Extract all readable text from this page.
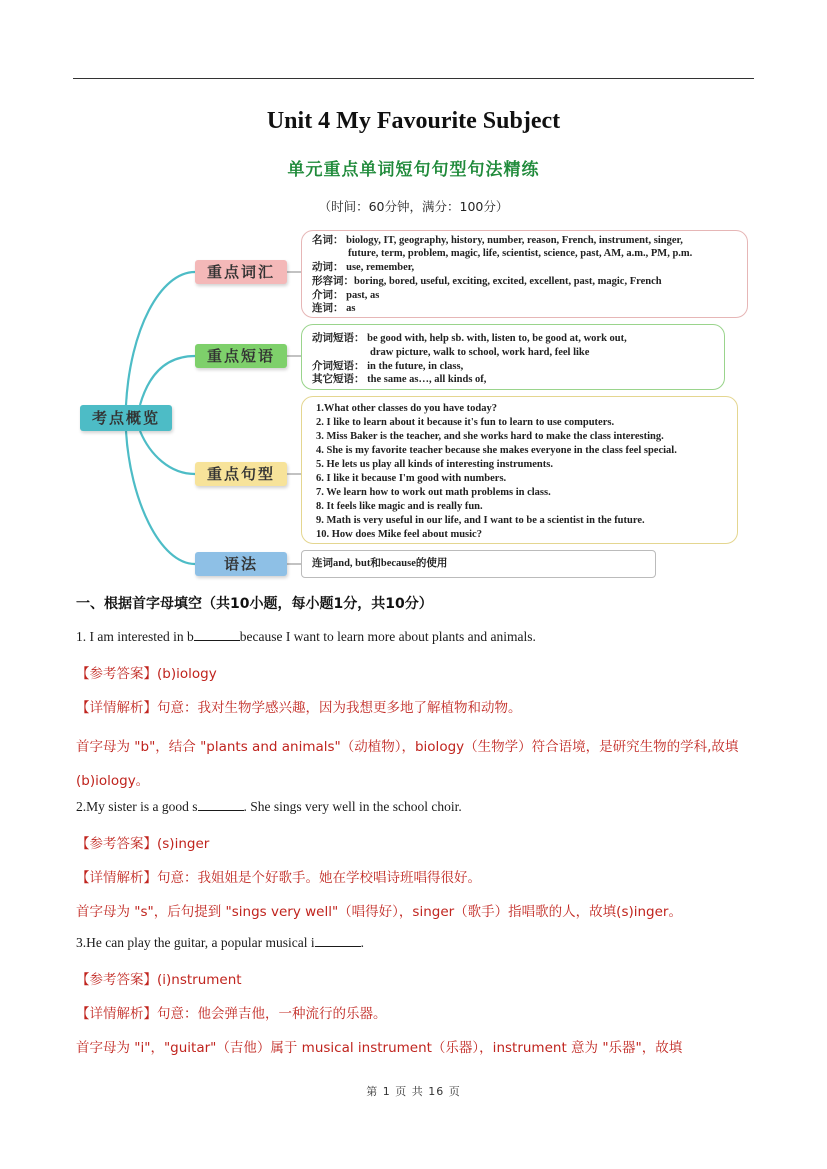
Unit 4 My Favourite Subject
单元重点单词短句句型句法精练
（时间：60分钟，满分：100分）
考点概览
重点词汇
重点短语
重点句型
语法
名词： biology, IT, geography, history, number, reason, French, instrument, singer,
future, term, problem, magic, life, scientist, science, past, AM, a.m., PM, p.m.
动词： use, remember,
形容词：boring, bored, useful, exciting, excited, excellent, past, magic, French
介词： past, as
连词： as
动词短语： be good with, help sb. with, listen to, be good at, work out,
draw picture, walk to school, work hard, feel like
介词短语： in the future, in class,
其它短语： the same as…, all kinds of,
1.What other classes do you have today?
2. I like to learn about it because it's fun to learn to use computers.
3. Miss Baker is the teacher, and she works hard to make the class interesting.
4. She is my favorite teacher because she makes everyone in the class feel special.
5. He lets us play all kinds of interesting instruments.
6. I like it because I'm good with numbers.
7. We learn how to work out math problems in class.
8. It feels like magic and is really fun.
9. Math is very useful in our life, and I want to be a scientist in the future.
10. How does Mike feel about music?
连词and, but和because的使用
一、根据首字母填空（共10小题，每小题1分，共10分）
1. I am interested in b	because I want to learn more about plants and animals.
【参考答案】(b)iology
【详情解析】句意：我对生物学感兴趣，因为我想更多地了解植物和动物。
首字母为 "b"，结合 "plants and animals"（动植物），biology（生物学）符合语境，是研究生物的学科,故填(b)iology。
2.My sister is a good s	. She sings very well in the school choir.
【参考答案】(s)inger
【详情解析】句意：我姐姐是个好歌手。她在学校唱诗班唱得很好。
首字母为 "s"，后句提到 "sings very well"（唱得好），singer（歌手）指唱歌的人，故填(s)inger。
3.He can play the guitar, a popular musical i	.
【参考答案】(i)nstrument
【详情解析】句意：他会弹吉他，一种流行的乐器。
首字母为 "i"，"guitar"（吉他）属于 musical instrument（乐器），instrument 意为 "乐器"，故填
第 1 页 共 16 页
